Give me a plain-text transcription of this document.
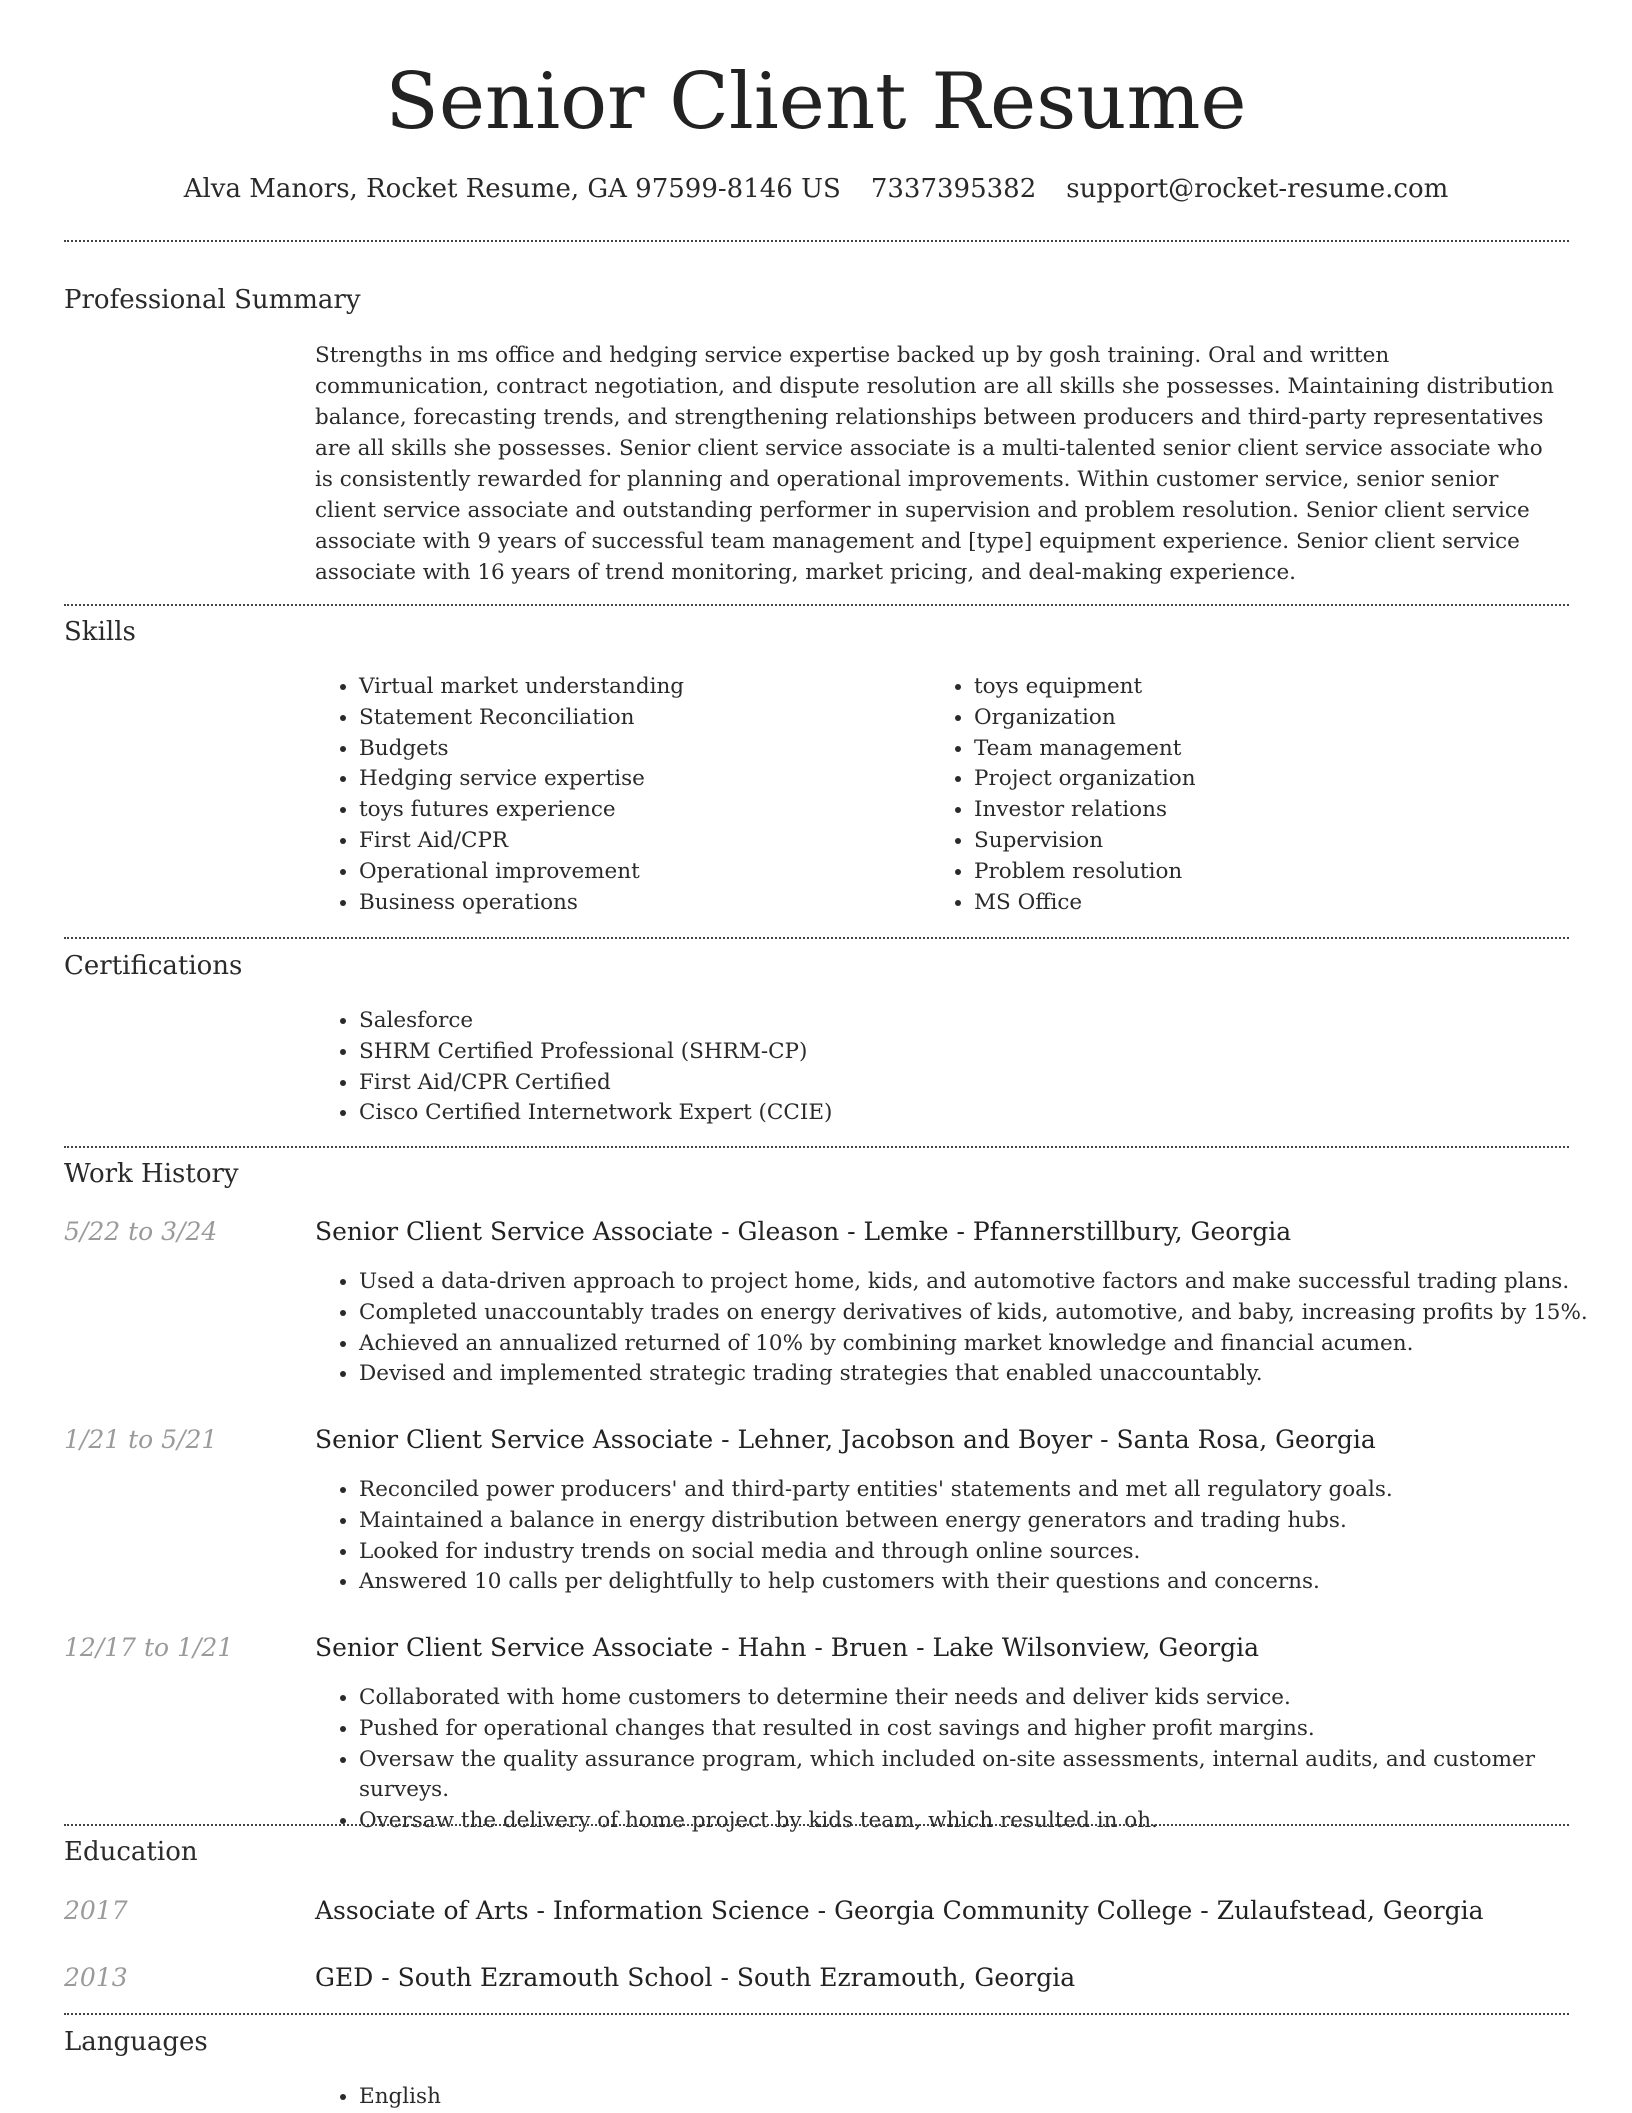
Senior Client Resume
Alva Manors, Rocket Resume, GA 97599-8146 US 7337395382 support@rocket-resume.com
Professional Summary

Strengths in ms office and hedging service expertise backed up by gosh training. Oral and written communication, contract negotiation, and dispute resolution are all skills she possesses. Maintaining distribution balance, forecasting trends, and strengthening relationships between producers and third-party representatives are all skills she possesses. Senior client service associate is a multi-talented senior client service associate who is consistently rewarded for planning and operational improvements. Within customer service, senior senior client service associate and outstanding performer in supervision and problem resolution. Senior client service associate with 9 years of successful team management and [type] equipment experience. Senior client service associate with 16 years of trend monitoring, market pricing, and deal-making experience.

Skills
• Virtual market understanding
• Statement Reconciliation
• Budgets
• Hedging service expertise
• toys futures experience
• First Aid/CPR
• Operational improvement
• Business operations
• toys equipment
• Organization
• Team management
• Project organization
• Investor relations
• Supervision
• Problem resolution
• MS Office
Certifications
• Salesforce
• SHRM Certified Professional (SHRM-CP)
• First Aid/CPR Certified
• Cisco Certified Internetwork Expert (CCIE)
Work History
5/22 to 3/24	Senior Client Service Associate - Gleason - Lemke - Pfannerstillbury, Georgia
• Used a data-driven approach to project home, kids, and automotive factors and make successful trading plans.
• Completed unaccountably trades on energy derivatives of kids, automotive, and baby, increasing profits by 15%.
• Achieved an annualized returned of 10% by combining market knowledge and financial acumen.
• Devised and implemented strategic trading strategies that enabled unaccountably.
1/21 to 5/21	Senior Client Service Associate - Lehner, Jacobson and Boyer - Santa Rosa, Georgia
• Reconciled power producers' and third-party entities' statements and met all regulatory goals.
• Maintained a balance in energy distribution between energy generators and trading hubs.
• Looked for industry trends on social media and through online sources.
• Answered 10 calls per delightfully to help customers with their questions and concerns.
12/17 to 1/21	Senior Client Service Associate - Hahn - Bruen - Lake Wilsonview, Georgia
• Collaborated with home customers to determine their needs and deliver kids service.
• Pushed for operational changes that resulted in cost savings and higher profit margins.
• Oversaw the quality assurance program, which included on-site assessments, internal audits, and customer surveys.
• Oversaw the delivery of home project by kids team, which resulted in oh.
Education
2017	Associate of Arts - Information Science - Georgia Community College - Zulaufstead, Georgia
2013	GED - South Ezramouth School - South Ezramouth, Georgia
Languages
• English
